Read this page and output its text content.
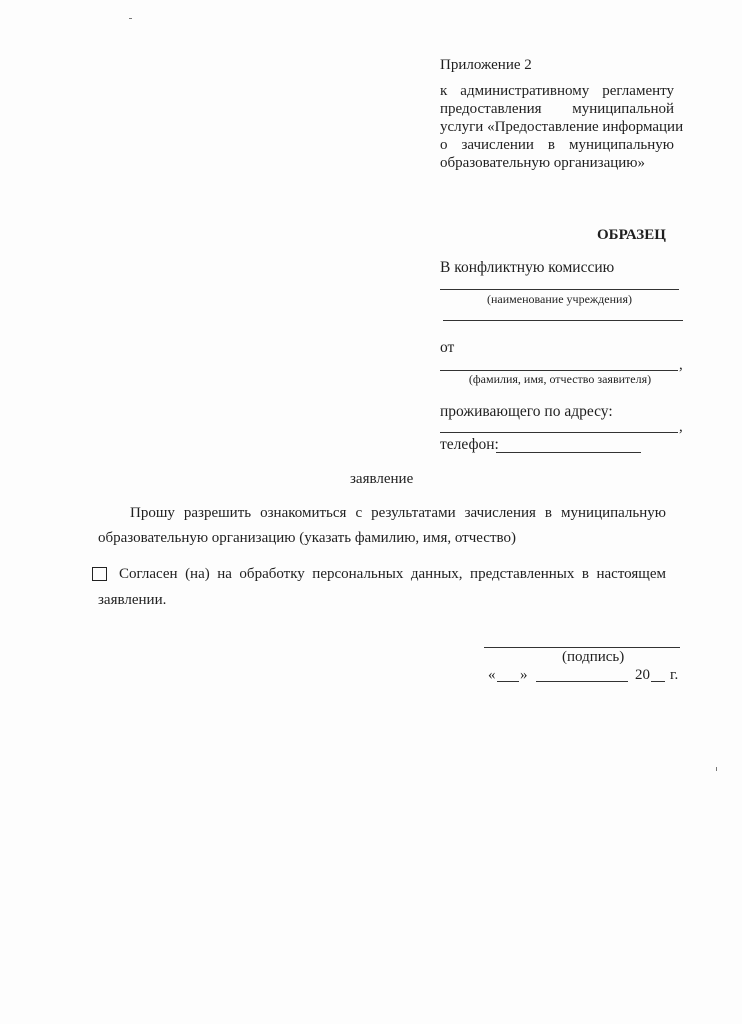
Приложение 2
к административному регламенту
предоставления муниципальной
услуги «Предоставление информации
о зачислении в муниципальную
образовательную организацию»
ОБРАЗЕЦ
В конфликтную комиссию
(наименование учреждения)
от
,
(фамилия, имя, отчество заявителя)
проживающего по адресу:
,
телефон:
заявление
Прошу разрешить ознакомиться с результатами зачисления в муниципальную
образовательную организацию (указать фамилию, имя, отчество)
Согласен (на) на обработку персональных данных, представленных в настоящем
заявлении.
(подпись)
« »	20 г.
